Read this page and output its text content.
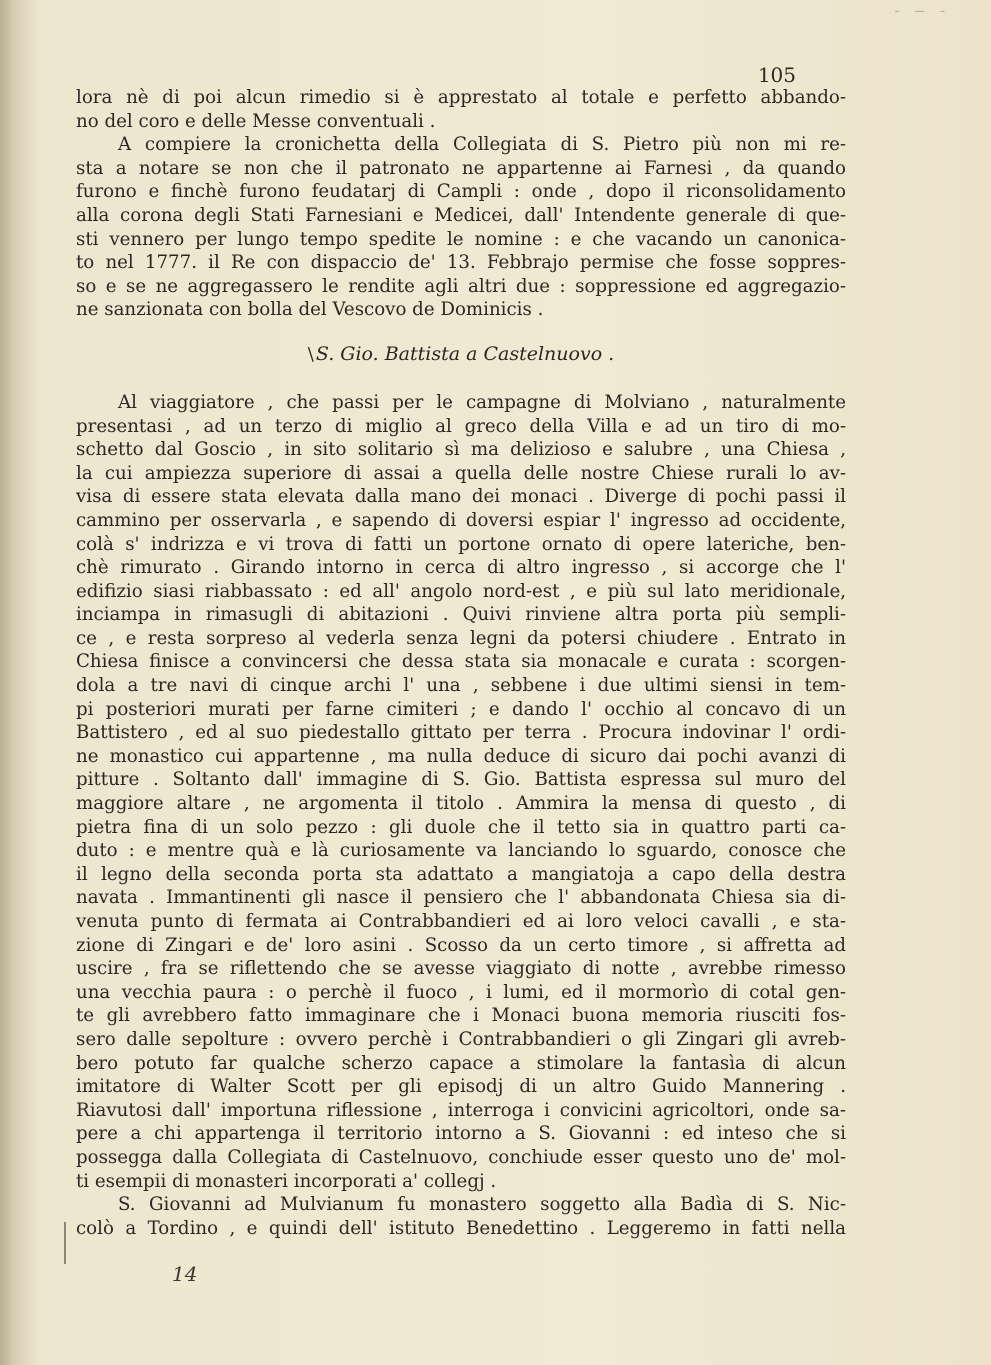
– — –
105
lora nè di poi alcun rimedio si è apprestato al totale e perfetto abbando-
no del coro e delle Messe conventuali .
A compiere la cronichetta della Collegiata di S. Pietro più non mi re-
sta a notare se non che il patronato ne appartenne ai Farnesi , da quando
furono e finchè furono feudatarj di Campli : onde , dopo il riconsolidamento
alla corona degli Stati Farnesiani e Medicei, dall' Intendente generale di que-
sti vennero per lungo tempo spedite le nomine : e che vacando un canonica-
to nel 1777. il Re con dispaccio de' 13. Febbrajo permise che fosse soppres-
so e se ne aggregassero le rendite agli altri due : soppressione ed aggregazio-
ne sanzionata con bolla del Vescovo de Dominicis .
\ S. Gio. Battista a Castelnuovo .
Al viaggiatore , che passi per le campagne di Molviano , naturalmente
presentasi , ad un terzo di miglio al greco della Villa e ad un tiro di mo-
schetto dal Goscio , in sito solitario sì ma delizioso e salubre , una Chiesa ,
la cui ampiezza superiore di assai a quella delle nostre Chiese rurali lo av-
visa di essere stata elevata dalla mano dei monaci . Diverge di pochi passi il
cammino per osservarla , e sapendo di doversi espiar l' ingresso ad occidente,
colà s' indrizza e vi trova di fatti un portone ornato di opere lateriche, ben-
chè rimurato . Girando intorno in cerca di altro ingresso , si accorge che l'
edifizio siasi riabbassato : ed all' angolo nord-est , e più sul lato meridionale,
inciampa in rimasugli di abitazioni . Quivi rinviene altra porta più sempli-
ce , e resta sorpreso al vederla senza legni da potersi chiudere . Entrato in
Chiesa finisce a convincersi che dessa stata sia monacale e curata : scorgen-
dola a tre navi di cinque archi l' una , sebbene i due ultimi siensi in tem-
pi posteriori murati per farne cimiteri ; e dando l' occhio al concavo di un
Battistero , ed al suo piedestallo gittato per terra . Procura indovinar l' ordi-
ne monastico cui appartenne , ma nulla deduce di sicuro dai pochi avanzi di
pitture . Soltanto dall' immagine di S. Gio. Battista espressa sul muro del
maggiore altare , ne argomenta il titolo . Ammira la mensa di questo , di
pietra fina di un solo pezzo : gli duole che il tetto sia in quattro parti ca-
duto : e mentre quà e là curiosamente va lanciando lo sguardo, conosce che
il legno della seconda porta sta adattato a mangiatoja a capo della destra
navata . Immantinenti gli nasce il pensiero che l' abbandonata Chiesa sia di-
venuta punto di fermata ai Contrabbandieri ed ai loro veloci cavalli , e sta-
zione di Zingari e de' loro asini . Scosso da un certo timore , si affretta ad
uscire , fra se riflettendo che se avesse viaggiato di notte , avrebbe rimesso
una vecchia paura : o perchè il fuoco , i lumi, ed il mormorìo di cotal gen-
te gli avrebbero fatto immaginare che i Monaci buona memoria riusciti fos-
sero dalle sepolture : ovvero perchè i Contrabbandieri o gli Zingari gli avreb-
bero potuto far qualche scherzo capace a stimolare la fantasìa di alcun
imitatore di Walter Scott per gli episodj di un altro Guido Mannering .
Riavutosi dall' importuna riflessione , interroga i convicini agricoltori, onde sa-
pere a chi appartenga il territorio intorno a S. Giovanni : ed inteso che si
possegga dalla Collegiata di Castelnuovo, conchiude esser questo uno de' mol-
ti esempii di monasteri incorporati a' collegj .
S. Giovanni ad Mulvianum fu monastero soggetto alla Badìa di S. Nic-
colò a Tordino , e quindi dell' istituto Benedettino . Leggeremo in fatti nella
14
